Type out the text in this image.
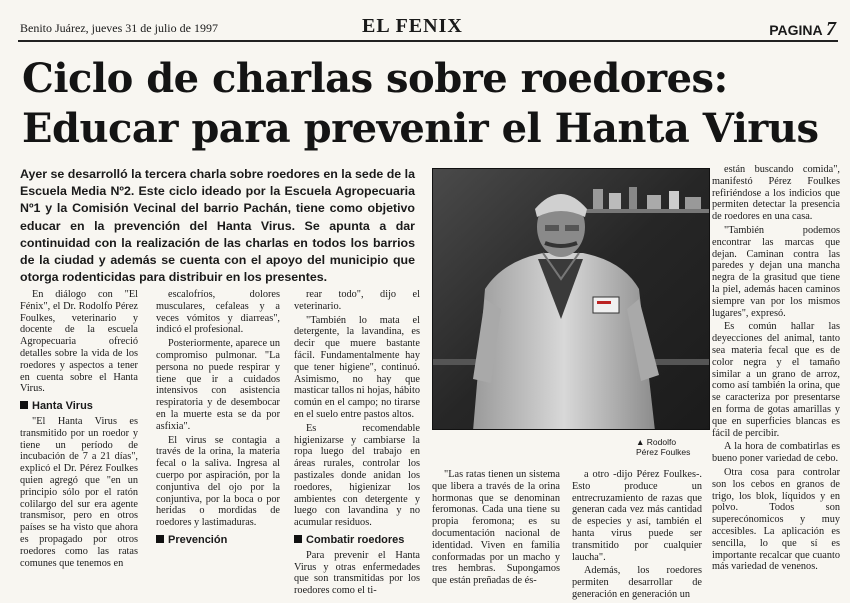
Benito Juárez, jueves 31 de julio de 1997	EL FENIX	PAGINA 7
Ciclo de charlas sobre roedores:
Educar para prevenir el Hanta Virus
Ayer se desarrolló la tercera charla sobre roedores en la sede de la Escuela Media Nº2. Este ciclo ideado por la Escuela Agropecuaria Nº1 y la Comisión Vecinal del barrio Pachán, tiene como objetivo educar en la prevención del Hanta Virus. Se apunta a dar continuidad con la realización de las charlas en todos los barrios de la ciudad y además se cuenta con el apoyo del municipio que otorga rodenticidas para distribuir en los presentes.
▲ Rodolfo
Pérez Foulkes

En diálogo con "El Fénix", el Dr. Rodolfo Pérez Foulkes, veterinario y docente de la escuela Agropecuaria ofreció detalles sobre la vida de los roedores y aspectos a tener en cuenta sobre el Hanta Virus.

Hanta Virus

"El Hanta Virus es transmitido por un roedor y tiene un período de incubación de 7 a 21 días", explicó el Dr. Pérez Foulkes quien agregó que "en un principio sólo por el ratón colilargo del sur era agente transmisor, pero en otros países se ha visto que ahora es propagado por otros roedores como las ratas comunes que tenemos en

escalofríos, dolores musculares, cefaleas y a veces vómitos y diarreas", indicó el profesional.

Posteriormente, aparece un compromiso pulmonar. "La persona no puede respirar y tiene que ir a cuidados intensivos con asistencia respiratoria y de desembocar en la muerte esta se da por asfixia".

El virus se contagia a través de la orina, la materia fecal o la saliva. Ingresa al cuerpo por aspiración, por la conjuntiva del ojo por la conjuntiva, por la boca o por heridas o mordidas de roedores y lastimaduras.

Prevención

rear todo", dijo el veterinario.

"También lo mata el detergente, la lavandina, es decir que muere bastante fácil. Fundamentalmente hay que tener higiene", continuó. Asimismo, no hay que masticar tallos ni hojas, hábito común en el campo; no tirarse en el suelo entre pastos altos.

Es recomendable higienizarse y cambiarse la ropa luego del trabajo en áreas rurales, controlar los pastizales donde anidan los roedores, higienizar los ambientes con detergente y luego con lavandina y no acumular residuos.

Combatir roedores

Para prevenir el Hanta Virus y otras enfermedades que son transmitidas por los roedores como el ti-

"Las ratas tienen un sistema que libera a través de la orina hormonas que se denominan feromonas. Cada una tiene su propia feromona; es su documentación nacional de identidad. Viven en familia conformadas por un macho y tres hembras. Supongamos que están preñadas de és-

a otro -dijo Pérez Foulkes-. Esto produce un entrecruzamiento de razas que generan cada vez más cantidad de especies y así, también el hanta virus puede ser transmitido por cualquier laucha".

Además, los roedores permiten desarrollar de generación en generación un

están buscando comida", manifestó Pérez Foulkes refiriéndose a los indicios que permiten detectar la presencia de roedores en una casa.

"También podemos encontrar las marcas que dejan. Caminan contra las paredes y dejan una mancha negra de la grasitud que tiene la piel, además hacen caminos siempre van por los mismos lugares", expresó.

Es común hallar las deyecciones del animal, tanto sea materia fecal que es de color negra y el tamaño similar a un grano de arroz, como así también la orina, que se caracteriza por presentarse en forma de gotas amarillas y que en superficies blancas es fácil de percibir.

A la hora de combatirlas es bueno poner variedad de cebo.

Otra cosa para controlar son los cebos en granos de trigo, los blok, líquidos y en polvo. Todos son superecónomicos y muy accesibles. La aplicación es sencilla, lo que sí es importante recalcar que cuanto más variedad de venenos.
